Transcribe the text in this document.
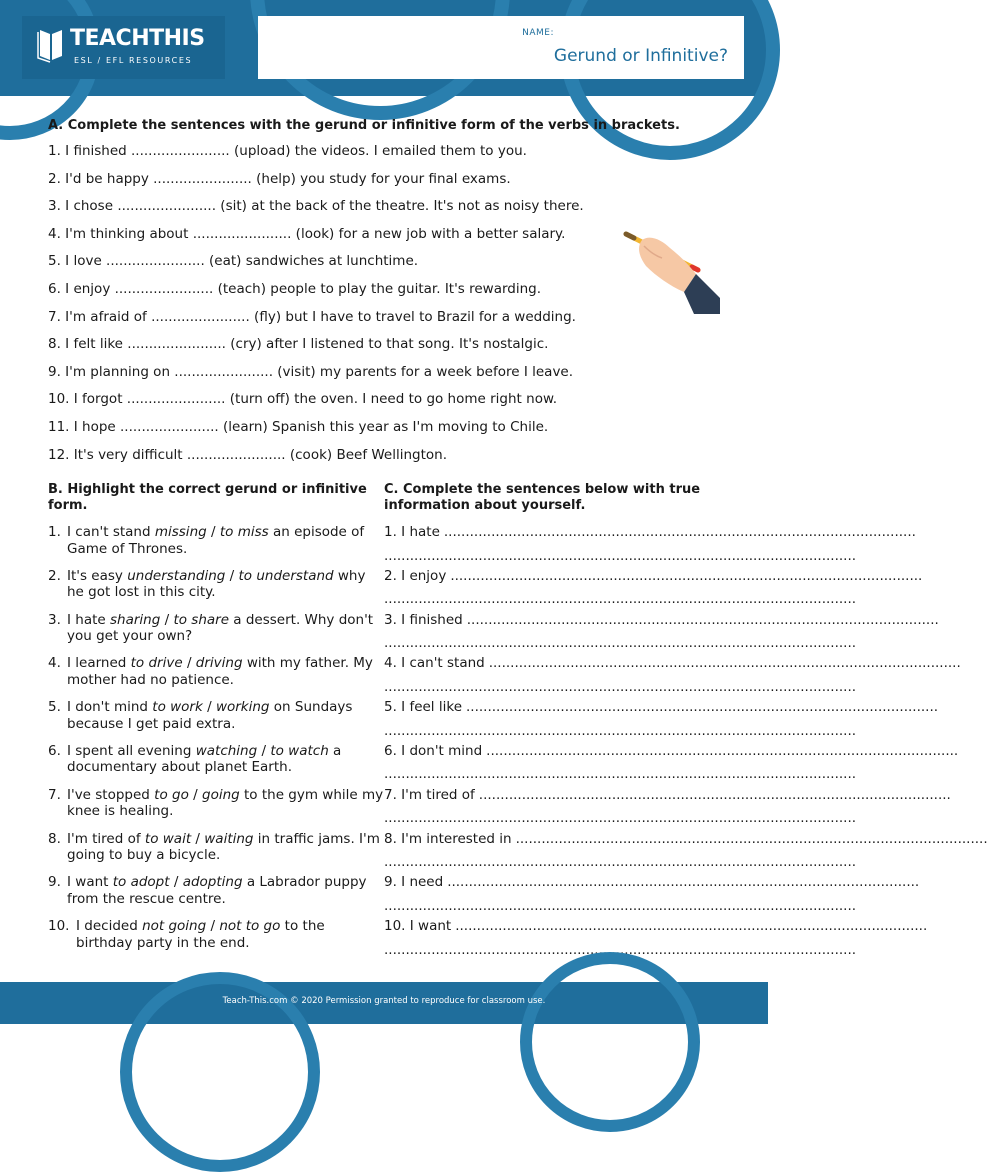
TEACHTHIS
ESL / EFL RESOURCES
NAME:
Gerund or Infinitive?
A. Complete the sentences with the gerund or infinitive form of the verbs in brackets.
1. I finished ....................... (upload) the videos. I emailed them to you.
2. I'd be happy ....................... (help) you study for your final exams.
3. I chose ....................... (sit) at the back of the theatre. It's not as noisy there.
4. I'm thinking about ....................... (look) for a new job with a better salary.
5. I love ....................... (eat) sandwiches at lunchtime.
6. I enjoy ....................... (teach) people to play the guitar. It's rewarding.
7. I'm afraid of ....................... (fly) but I have to travel to Brazil for a wedding.
8. I felt like ....................... (cry) after I listened to that song. It's nostalgic.
9. I'm planning on ....................... (visit) my parents for a week before I leave.
10. I forgot ....................... (turn off) the oven. I need to go home right now.
11. I hope ....................... (learn) Spanish this year as I'm moving to Chile.
12. It's very difficult ....................... (cook) Beef Wellington.
B. Highlight the correct gerund or infinitive form.
1. I can't stand missing / to miss an episode of Game of Thrones.
2. It's easy understanding / to understand why he got lost in this city.
3. I hate sharing / to share a dessert. Why don't you get your own?
4. I learned to drive / driving with my father. My mother had no patience.
5. I don't mind to work / working on Sundays because I get paid extra.
6. I spent all evening watching / to watch a documentary about planet Earth.
7. I've stopped to go / going to the gym while my knee is healing.
8. I'm tired of to wait / waiting in traffic jams. I'm going to buy a bicycle.
9. I want to adopt / adopting a Labrador puppy from the rescue centre.
10. I decided not going / not to go to the birthday party in the end.
C. Complete the sentences below with true information about yourself.
1. I hate ..............................................................................................................
..............................................................................................................
2. I enjoy ..............................................................................................................
..............................................................................................................
3. I finished ..............................................................................................................
..............................................................................................................
4. I can't stand ..............................................................................................................
..............................................................................................................
5. I feel like ..............................................................................................................
..............................................................................................................
6. I don't mind ..............................................................................................................
..............................................................................................................
7. I'm tired of ..............................................................................................................
..............................................................................................................
8. I'm interested in ..............................................................................................................
..............................................................................................................
9. I need ..............................................................................................................
..............................................................................................................
10. I want ..............................................................................................................
..............................................................................................................
Teach-This.com © 2020 Permission granted to reproduce for classroom use.
